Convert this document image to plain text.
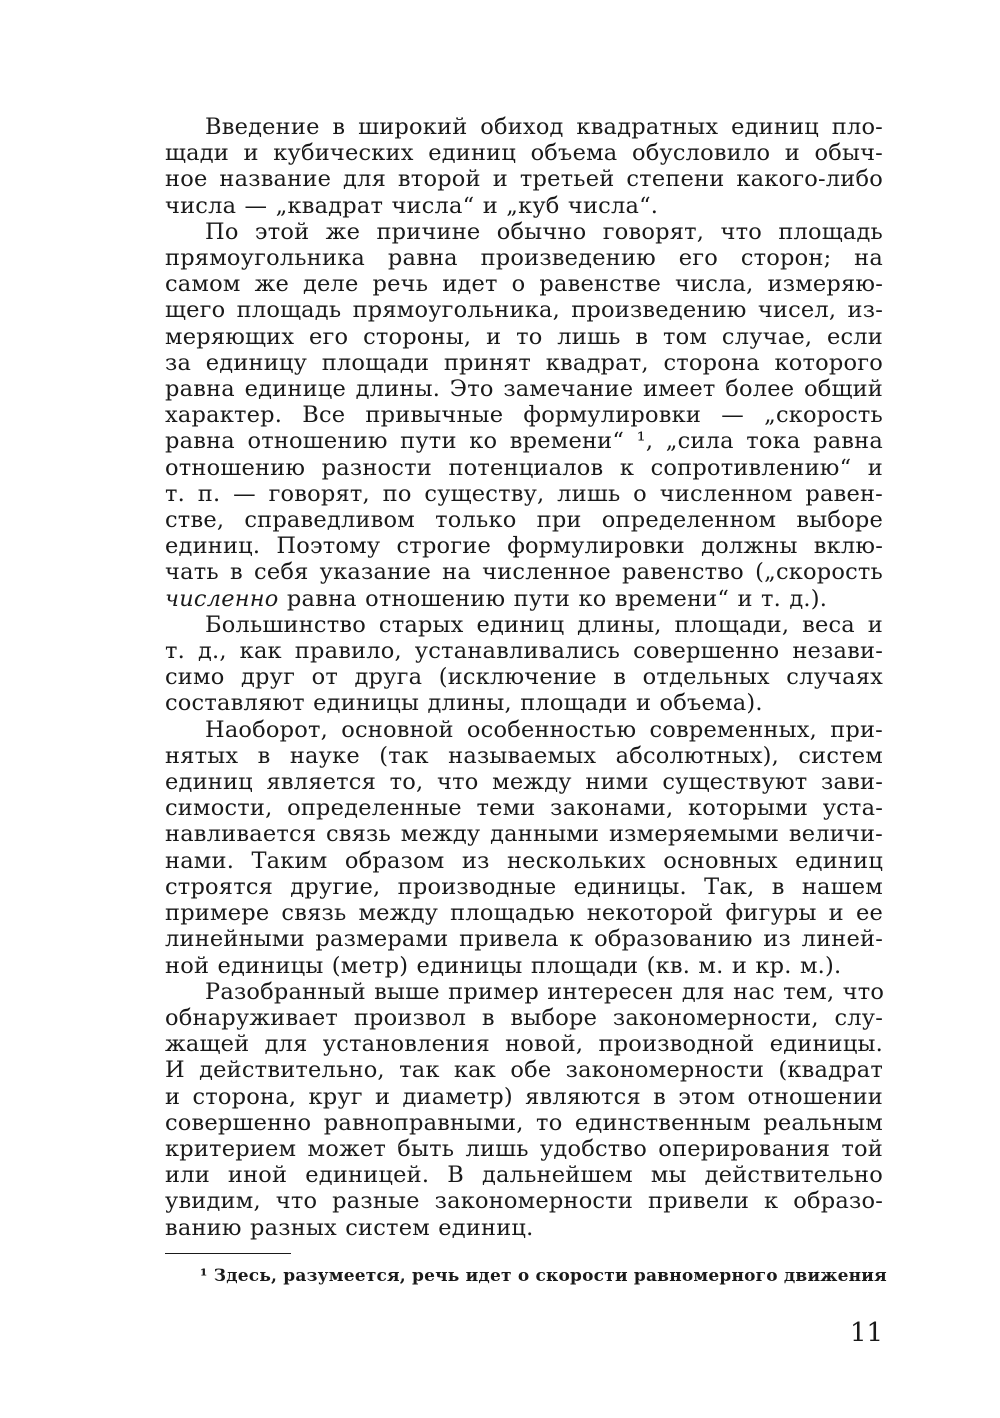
Введение в широкий обиход квадратных единиц пло-
щади и кубических единиц объема обусловило и обыч-
ное название для второй и третьей степени какого-либо
числа — „квадрат числа“ и „куб числа“.

По этой же причине обычно говорят, что площадь
прямоугольника равна произведению его сторон; на
самом же деле речь идет о равенстве числа, измеряю-
щего площадь прямоугольника, произведению чисел, из-
меряющих его стороны, и то лишь в том случае, если
за единицу площади принят квадрат, сторона которого
равна единице длины. Это замечание имеет более общий
характер. Все привычные формулировки — „скорость
равна отношению пути ко времени“ ¹, „сила тока равна
отношению разности потенциалов к сопротивлению“ и
т. п. — говорят, по существу, лишь о численном равен-
стве, справедливом только при определенном выборе
единиц. Поэтому строгие формулировки должны вклю-
чать в себя указание на численное равенство („скорость
численно равна отношению пути ко времени“ и т. д.).

Большинство старых единиц длины, площади, веса и
т. д., как правило, устанавливались совершенно незави-
симо друг от друга (исключение в отдельных случаях
составляют единицы длины, площади и объема).

Наоборот, основной особенностью современных, при-
нятых в науке (так называемых абсолютных), систем
единиц является то, что между ними существуют зави-
симости, определенные теми законами, которыми уста-
навливается связь между данными измеряемыми величи-
нами. Таким образом из нескольких основных единиц
строятся другие, производные единицы. Так, в нашем
примере связь между площадью некоторой фигуры и ее
линейными размерами привела к образованию из линей-
ной единицы (метр) единицы площади (кв. м. и кр. м.).

Разобранный выше пример интересен для нас тем, что
обнаруживает произвол в выборе закономерности, слу-
жащей для установления новой, производной единицы.
И действительно, так как обе закономерности (квадрат
и сторона, круг и диаметр) являются в этом отношении
совершенно равноправными, то единственным реальным
критерием может быть лишь удобство оперирования той
или иной единицей. В дальнейшем мы действительно
увидим, что разные закономерности привели к образо-
ванию разных систем единиц.

¹ Здесь, разумеется, речь идет о скорости равномерного движения
11
